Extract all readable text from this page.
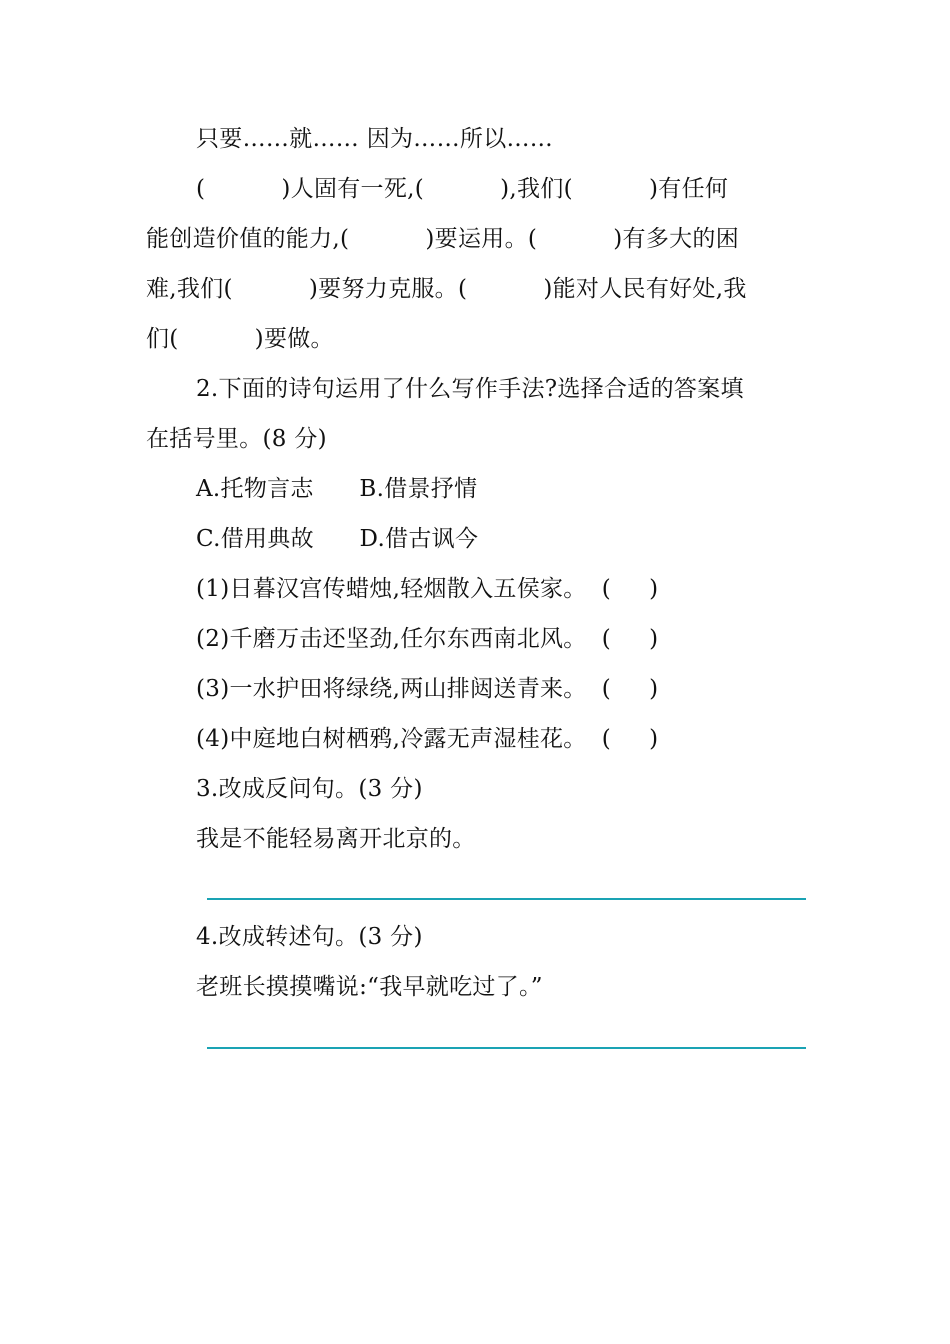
只要……就…… 因为……所以……
(          )人固有一死,(          ),我们(          )有任何
能创造价值的能力,(          )要运用。(          )有多大的困
难,我们(          )要努力克服。(          )能对人民有好处,我
们(          )要做。
2.下面的诗句运用了什么写作手法?选择合适的答案填
在括号里。(8 分)
A.托物言志      B.借景抒情
C.借用典故      D.借古讽今
(1)日暮汉宫传蜡烛,轻烟散入五侯家。  (     )
(2)千磨万击还坚劲,任尔东西南北风。  (     )
(3)一水护田将绿绕,两山排闼送青来。  (     )
(4)中庭地白树栖鸦,冷露无声湿桂花。  (     )
3.改成反问句。(3 分)
我是不能轻易离开北京的。
4.改成转述句。(3 分)
老班长摸摸嘴说:“我早就吃过了。”
